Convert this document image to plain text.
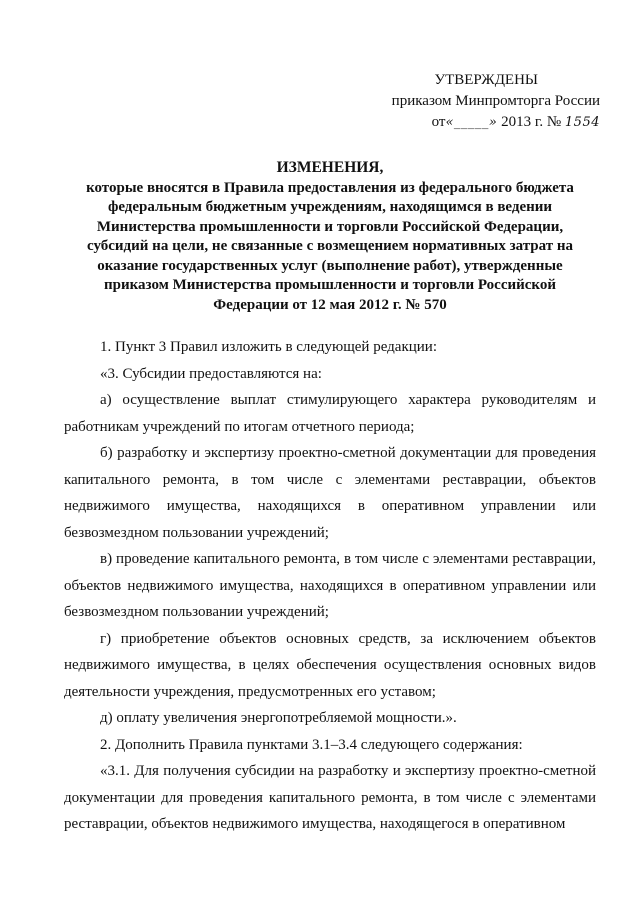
УТВЕРЖДЕНЫ
приказом Минпромторга России
от«_____» 2013 г. № 1554
ИЗМЕНЕНИЯ,
которые вносятся в Правила предоставления из федерального бюджета
федеральным бюджетным учреждениям, находящимся в ведении
Министерства промышленности и торговли Российской Федерации,
субсидий на цели, не связанные с возмещением нормативных затрат на
оказание государственных услуг (выполнение работ), утвержденные
приказом Министерства промышленности и торговли Российской
Федерации от 12 мая 2012 г. № 570

1. Пункт 3 Правил изложить в следующей редакции:

«3. Субсидии предоставляются на:

а) осуществление выплат стимулирующего характера руководителям и работникам учреждений по итогам отчетного периода;

б) разработку и экспертизу проектно-сметной документации для проведения капитального ремонта, в том числе с элементами реставрации, объектов недвижимого имущества, находящихся в оперативном управлении или безвозмездном пользовании учреждений;

в) проведение капитального ремонта, в том числе с элементами реставрации, объектов недвижимого имущества, находящихся в оперативном управлении или безвозмездном пользовании учреждений;

г) приобретение объектов основных средств, за исключением объектов недвижимого имущества, в целях обеспечения осуществления основных видов деятельности учреждения, предусмотренных его уставом;

д) оплату увеличения энергопотребляемой мощности.».

2. Дополнить Правила пунктами 3.1–3.4 следующего содержания:

«3.1. Для получения субсидии на разработку и экспертизу проектно-сметной документации для проведения капитального ремонта, в том числе с элементами реставрации, объектов недвижимого имущества, находящегося в оперативном
